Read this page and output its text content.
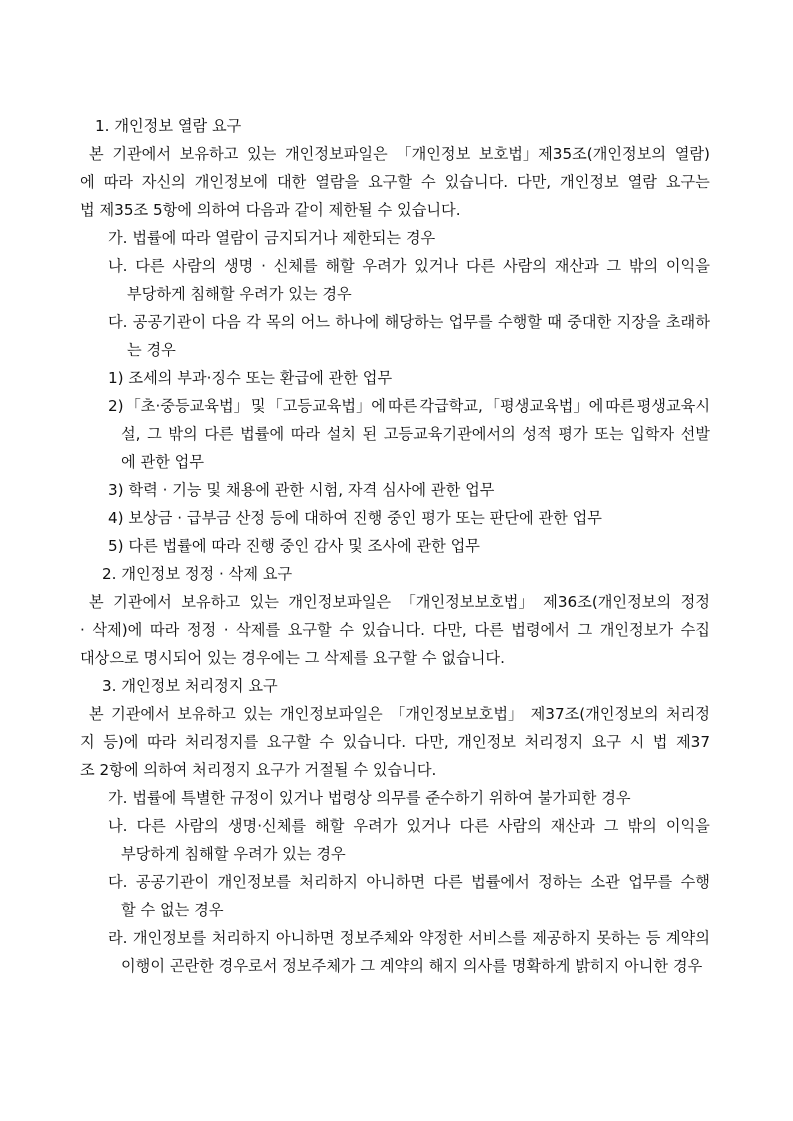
1. 개인정보 열람 요구
본 기관에서 보유하고 있는 개인정보파일은 「개인정보 보호법」제35조(개인정보의 열람)
에 따라 자신의 개인정보에 대한 열람을 요구할 수 있습니다. 다만, 개인정보 열람 요구는
법 제35조 5항에 의하여 다음과 같이 제한될 수 있습니다.
가. 법률에 따라 열람이 금지되거나 제한되는 경우
나. 다른 사람의 생명 · 신체를 해할 우려가 있거나 다른 사람의 재산과 그 밖의 이익을
부당하게 침해할 우려가 있는 경우
다. 공공기관이 다음 각 목의 어느 하나에 해당하는 업무를 수행할 때 중대한 지장을 초래하
는 경우
1) 조세의 부과·징수 또는 환급에 관한 업무
2) 「초·중등교육법」 및 「고등교육법」에 따른 각급학교, 「평생교육법」에 따른 평생교육시
설, 그 밖의 다른 법률에 따라 설치 된 고등교육기관에서의 성적 평가 또는 입학자 선발
에 관한 업무
3) 학력 · 기능 및 채용에 관한 시험, 자격 심사에 관한 업무
4) 보상금 · 급부금 산정 등에 대하여 진행 중인 평가 또는 판단에 관한 업무
5) 다른 법률에 따라 진행 중인 감사 및 조사에 관한 업무
2. 개인정보 정정 · 삭제 요구
본 기관에서 보유하고 있는 개인정보파일은 「개인정보보호법」 제36조(개인정보의 정정
· 삭제)에 따라 정정 · 삭제를 요구할 수 있습니다. 다만, 다른 법령에서 그 개인정보가 수집
대상으로 명시되어 있는 경우에는 그 삭제를 요구할 수 없습니다.
3. 개인정보 처리정지 요구
본 기관에서 보유하고 있는 개인정보파일은 「개인정보보호법」 제37조(개인정보의 처리정
지 등)에 따라 처리정지를 요구할 수 있습니다. 다만, 개인정보 처리정지 요구 시 법 제37
조 2항에 의하여 처리정지 요구가 거절될 수 있습니다.
가. 법률에 특별한 규정이 있거나 법령상 의무를 준수하기 위하여 불가피한 경우
나. 다른 사람의 생명·신체를 해할 우려가 있거나 다른 사람의 재산과 그 밖의 이익을
부당하게 침해할 우려가 있는 경우
다. 공공기관이 개인정보를 처리하지 아니하면 다른 법률에서 정하는 소관 업무를 수행
할 수 없는 경우
라. 개인정보를 처리하지 아니하면 정보주체와 약정한 서비스를 제공하지 못하는 등 계약의
이행이 곤란한 경우로서 정보주체가 그 계약의 해지 의사를 명확하게 밝히지 아니한 경우
